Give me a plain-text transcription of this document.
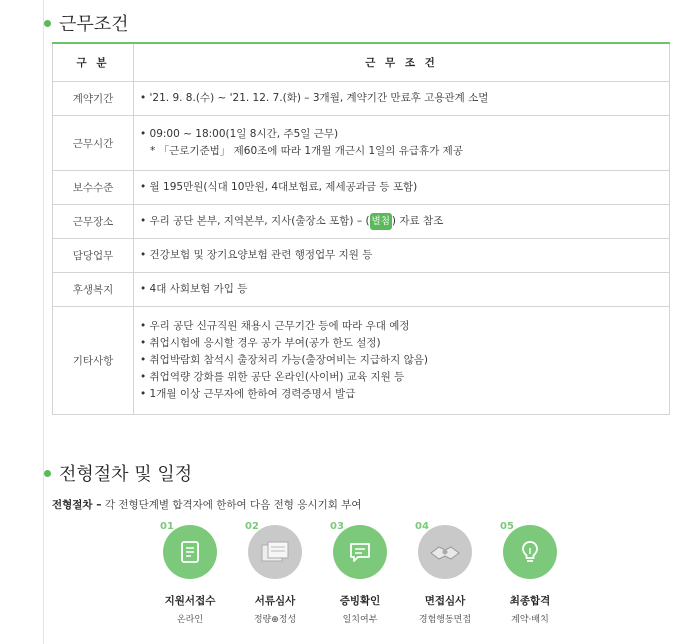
근무조건
구 분	근 무 조 건
계약기간	• '21. 9. 8.(수) ~ '21. 12. 7.(화) – 3개월, 계약기간 만료후 고용관계 소멸

근무시간	• 09:00 ~ 18:00(1일 8시간, 주5일 근무)
* 「근로기준법」 제60조에 따라 1개월 개근시 1일의 유급휴가 제공

보수수준	• 월 195만원(식대 10만원, 4대보험료, 제세공과금 등 포함)

근무장소	• 우리 공단 본부, 지역본부, 지사(출장소 포함) – ( 별첨 ) 자료 참조

담당업무	• 건강보험 및 장기요양보험 관련 행정업무 지원 등

후생복지	• 4대 사회보험 가입 등

기타사항	• 우리 공단 신규직원 채용시 근무기간 등에 따라 우대 예정
• 취업시험에 응시할 경우 공가 부여(공가 한도 설정)
• 취업박람회 참석시 출장처리 가능(출장여비는 지급하지 않음)
• 취업역량 강화를 위한 공단 온라인(사이버) 교육 지원 등
• 1개월 이상 근무자에 한하여 경력증명서 발급
전형절차 및 일정
전형절차 – 각 전형단계별 합격자에 한하여 다음 전형 응시기회 부여
01
지원서접수
온라인
02
서류심사
정량⊕정성
03
증빙확인
일치여부
04
면접심사
경험행동면접
05
최종합격
계약·배치
